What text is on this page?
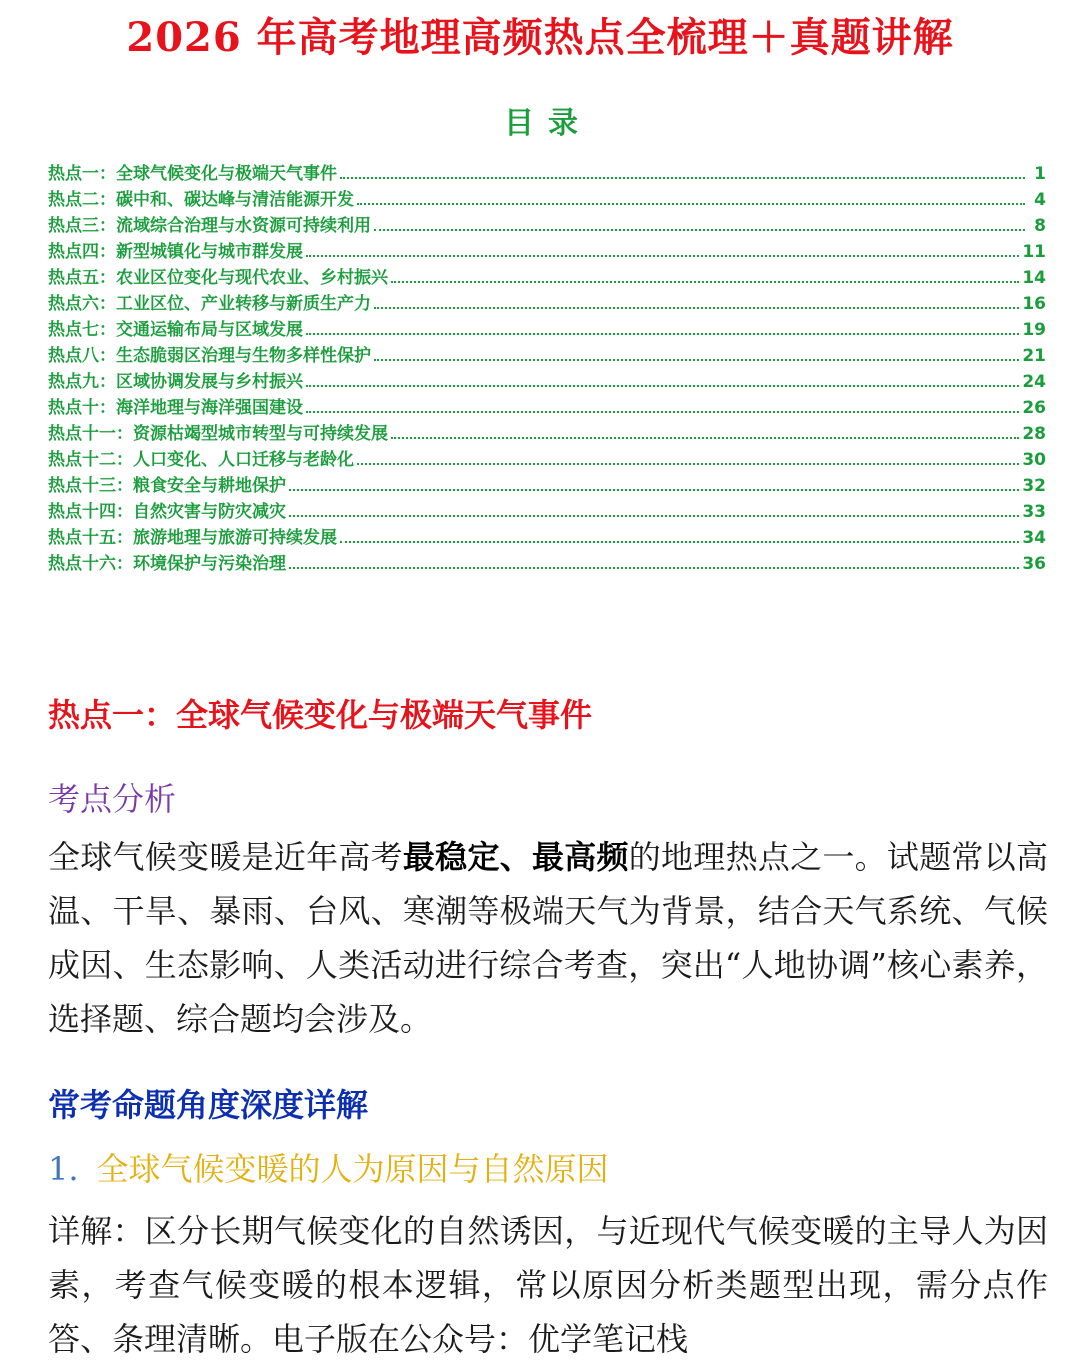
2026 年高考地理高频热点全梳理＋真题讲解
目录
热点一：全球气候变化与极端天气事件	1
热点二：碳中和、碳达峰与清洁能源开发	4
热点三：流域综合治理与水资源可持续利用	8
热点四：新型城镇化与城市群发展	11
热点五：农业区位变化与现代农业、乡村振兴	14
热点六：工业区位、产业转移与新质生产力	16
热点七：交通运输布局与区域发展	19
热点八：生态脆弱区治理与生物多样性保护	21
热点九：区域协调发展与乡村振兴	24
热点十：海洋地理与海洋强国建设	26
热点十一：资源枯竭型城市转型与可持续发展	28
热点十二：人口变化、人口迁移与老龄化	30
热点十三：粮食安全与耕地保护	32
热点十四：自然灾害与防灾减灾	33
热点十五：旅游地理与旅游可持续发展	34
热点十六：环境保护与污染治理	36
热点一：全球气候变化与极端天气事件
考点分析
全球气候变暖是近年高考最稳定、最高频的地理热点之一。试题常以高温、干旱、暴雨、台风、寒潮等极端天气为背景，结合天气系统、气候成因、生态影响、人类活动进行综合考查，突出“人地协调”核心素养，选择题、综合题均会涉及。
常考命题角度深度详解
1. 全球气候变暖的人为原因与自然原因
详解：区分长期气候变化的自然诱因，与近现代气候变暖的主导人为因素，考查气候变暖的根本逻辑，常以原因分析类题型出现，需分点作答、条理清晰。电子版在公众号：优学笔记栈
